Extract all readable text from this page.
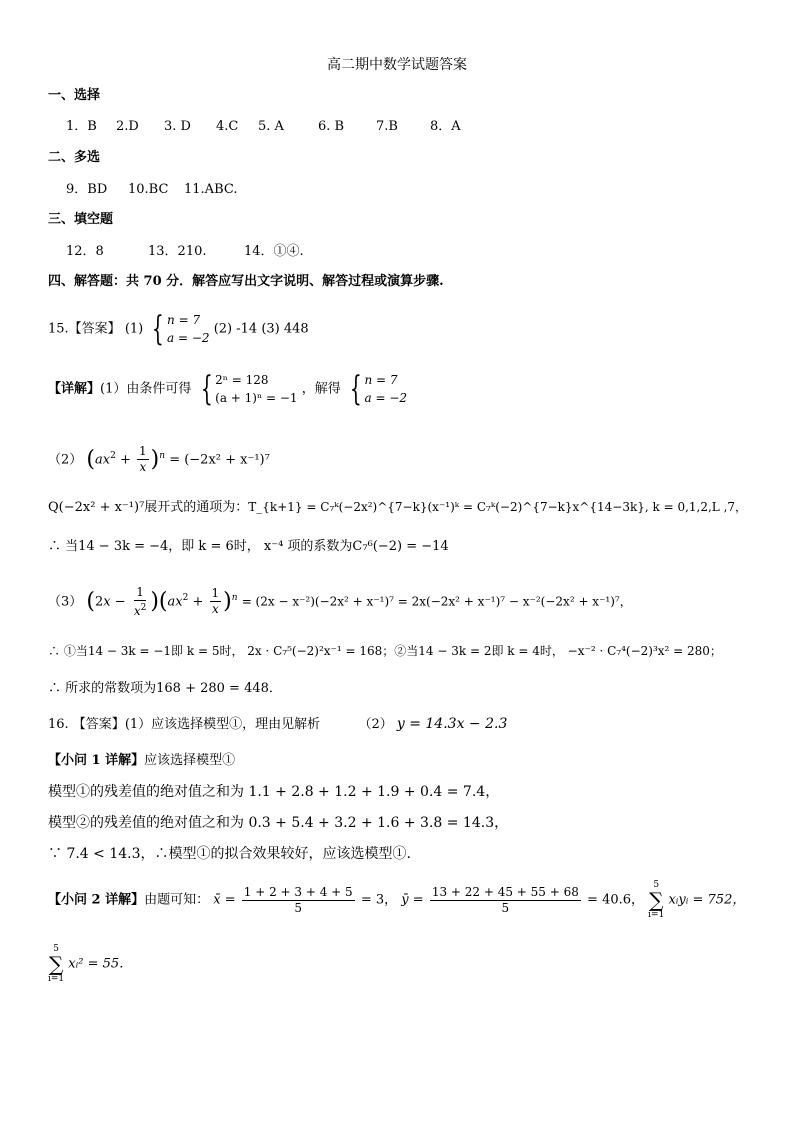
高二期中数学试题答案
一、选择
1．B 2.D 3. D 4.C 5. A	6. B 7.B 8．A
二、多选
9．BD 10.BC 11.ABC.
三、填空题
12．8	13．210.	14．①④.
四、解答题：共 70 分．解答应写出文字说明、解答过程或演算步骤.
15.【答案】 (1) { n = 7
a = −2
(2) -14 (3) 448
【详解】(1）由条件可得 { 2ⁿ = 128
(a + 1)ⁿ = −1
，解得 { n = 7
a = −2
（2） $(ax^2 + \frac{1}{x} )^n = (-2x^2 + x^{-1})^7$
Q(−2x² + x⁻¹)⁷展开式的通项为：T_{k+1} = C₇ᵏ(−2x²)^{7−k}(x⁻¹)ᵏ = C₇ᵏ(−2)^{7−k}x^{14−3k}, k = 0,1,2,L ,7，
∴ 当14 − 3k = −4，即 k = 6时， x⁻⁴ 项的系数为C₇⁶(−2) = −14
（3） $(2x - \frac{1}{x^2} )(ax^2 + \frac{1}{x} )^n = (2x - x^{-2})(-2x^2 + x^{-1})^7 = 2x(-2x^2 + x^{-1})^7 - x^{-2}(-2x^2 + x^{-1})^7$，
∴ ①当14 − 3k = −1即 k = 5时， 2x · C₇⁵(−2)²x⁻¹ = 168；②当14 − 3k = 2即 k = 4时， −x⁻² · C₇⁴(−2)³x² = 280；
∴ 所求的常数项为168 + 280 = 448．
16. 【答案】(1）应该选择模型①，理由见解析	（2） y = 14.3x − 2.3
【小问 1 详解】应该选择模型①
模型①的残差值的绝对值之和为 1.1 + 2.8 + 1.2 + 1.9 + 0.4 = 7.4，
模型②的残差值的绝对值之和为 0.3 + 5.4 + 3.2 + 1.6 + 3.8 = 14.3，
∵ 7.4 < 14.3，∴模型①的拟合效果较好，应该选模型①.
【小问 2 详解】由题可知： x̄ = $\frac{1 + 2 + 3 + 4 + 5}{5} = 3$， ȳ = $\frac{13 + 22 + 45 + 55 + 68}{5} = 40.6$，
5
∑
i=1
xᵢyᵢ = 752，
5
∑
i=1
xᵢ² = 55．
